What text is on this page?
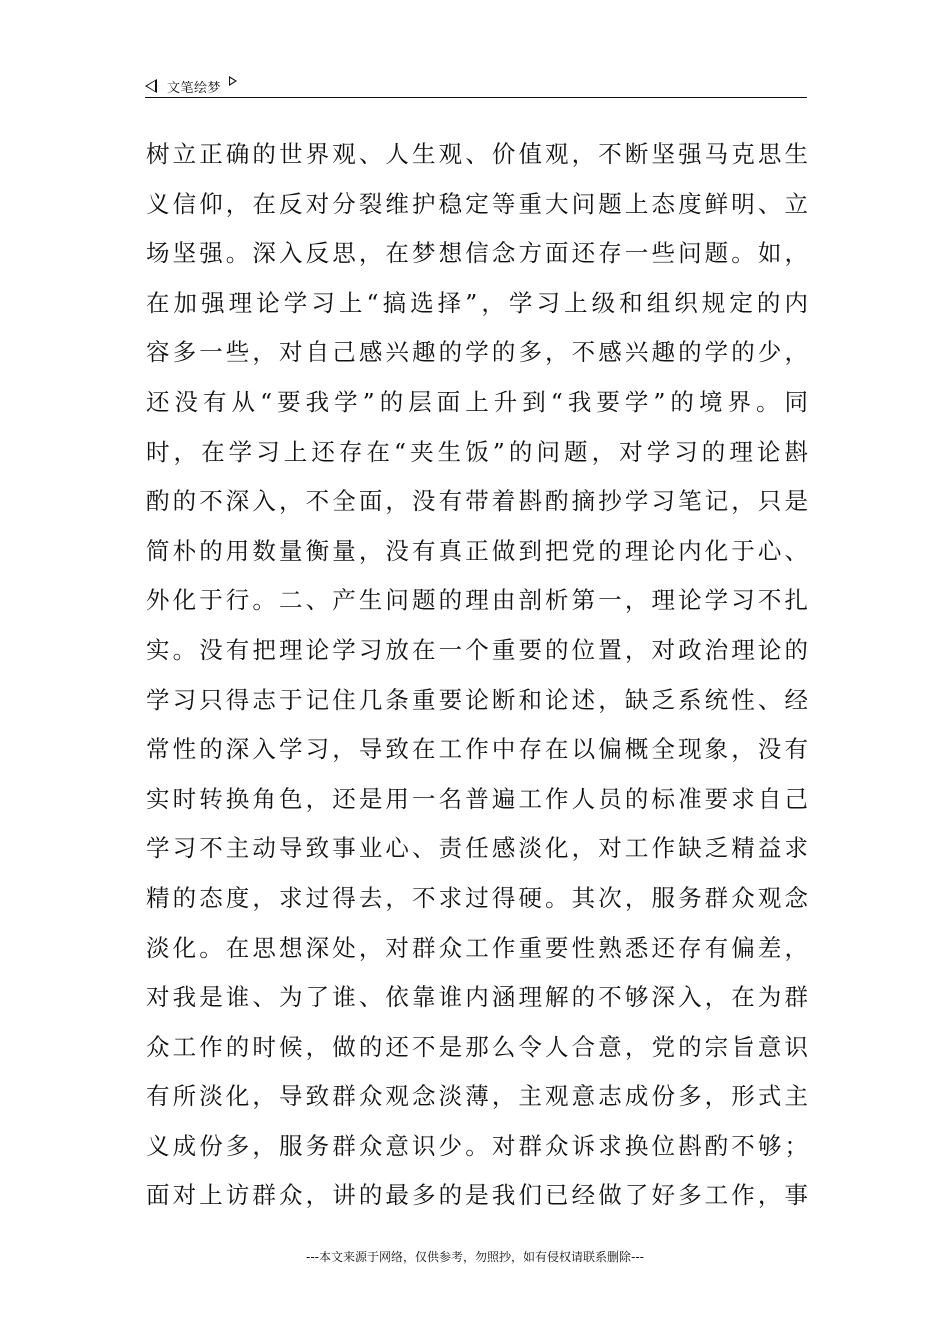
文笔绘梦
树立正确的世界观、人生观、价值观，不断坚强马克思生
义信仰，在反对分裂维护稳定等重大问题上态度鲜明、立
场坚强。深入反思，在梦想信念方面还存一些问题。如，
在加强理论学习上“搞选择”，学习上级和组织规定的内
容多一些，对自己感兴趣的学的多，不感兴趣的学的少，
还没有从“要我学”的层面上升到“我要学”的境界。同
时，在学习上还存在“夹生饭”的问题，对学习的理论斟
酌的不深入，不全面，没有带着斟酌摘抄学习笔记，只是
简朴的用数量衡量，没有真正做到把党的理论内化于心、
外化于行。二、产生问题的理由剖析第一，理论学习不扎
实。没有把理论学习放在一个重要的位置，对政治理论的
学习只得志于记住几条重要论断和论述，缺乏系统性、经
常性的深入学习，导致在工作中存在以偏概全现象，没有
实时转换角色，还是用一名普遍工作人员的标准要求自己
学习不主动导致事业心、责任感淡化，对工作缺乏精益求
精的态度，求过得去，不求过得硬。其次，服务群众观念
淡化。在思想深处，对群众工作重要性熟悉还存有偏差，
对我是谁、为了谁、依靠谁内涵理解的不够深入，在为群
众工作的时候，做的还不是那么令人合意，党的宗旨意识
有所淡化，导致群众观念淡薄，主观意志成份多，形式主
义成份多，服务群众意识少。对群众诉求换位斟酌不够；
面对上访群众，讲的最多的是我们已经做了好多工作，事
---本文来源于网络，仅供参考，勿照抄，如有侵权请联系删除---
